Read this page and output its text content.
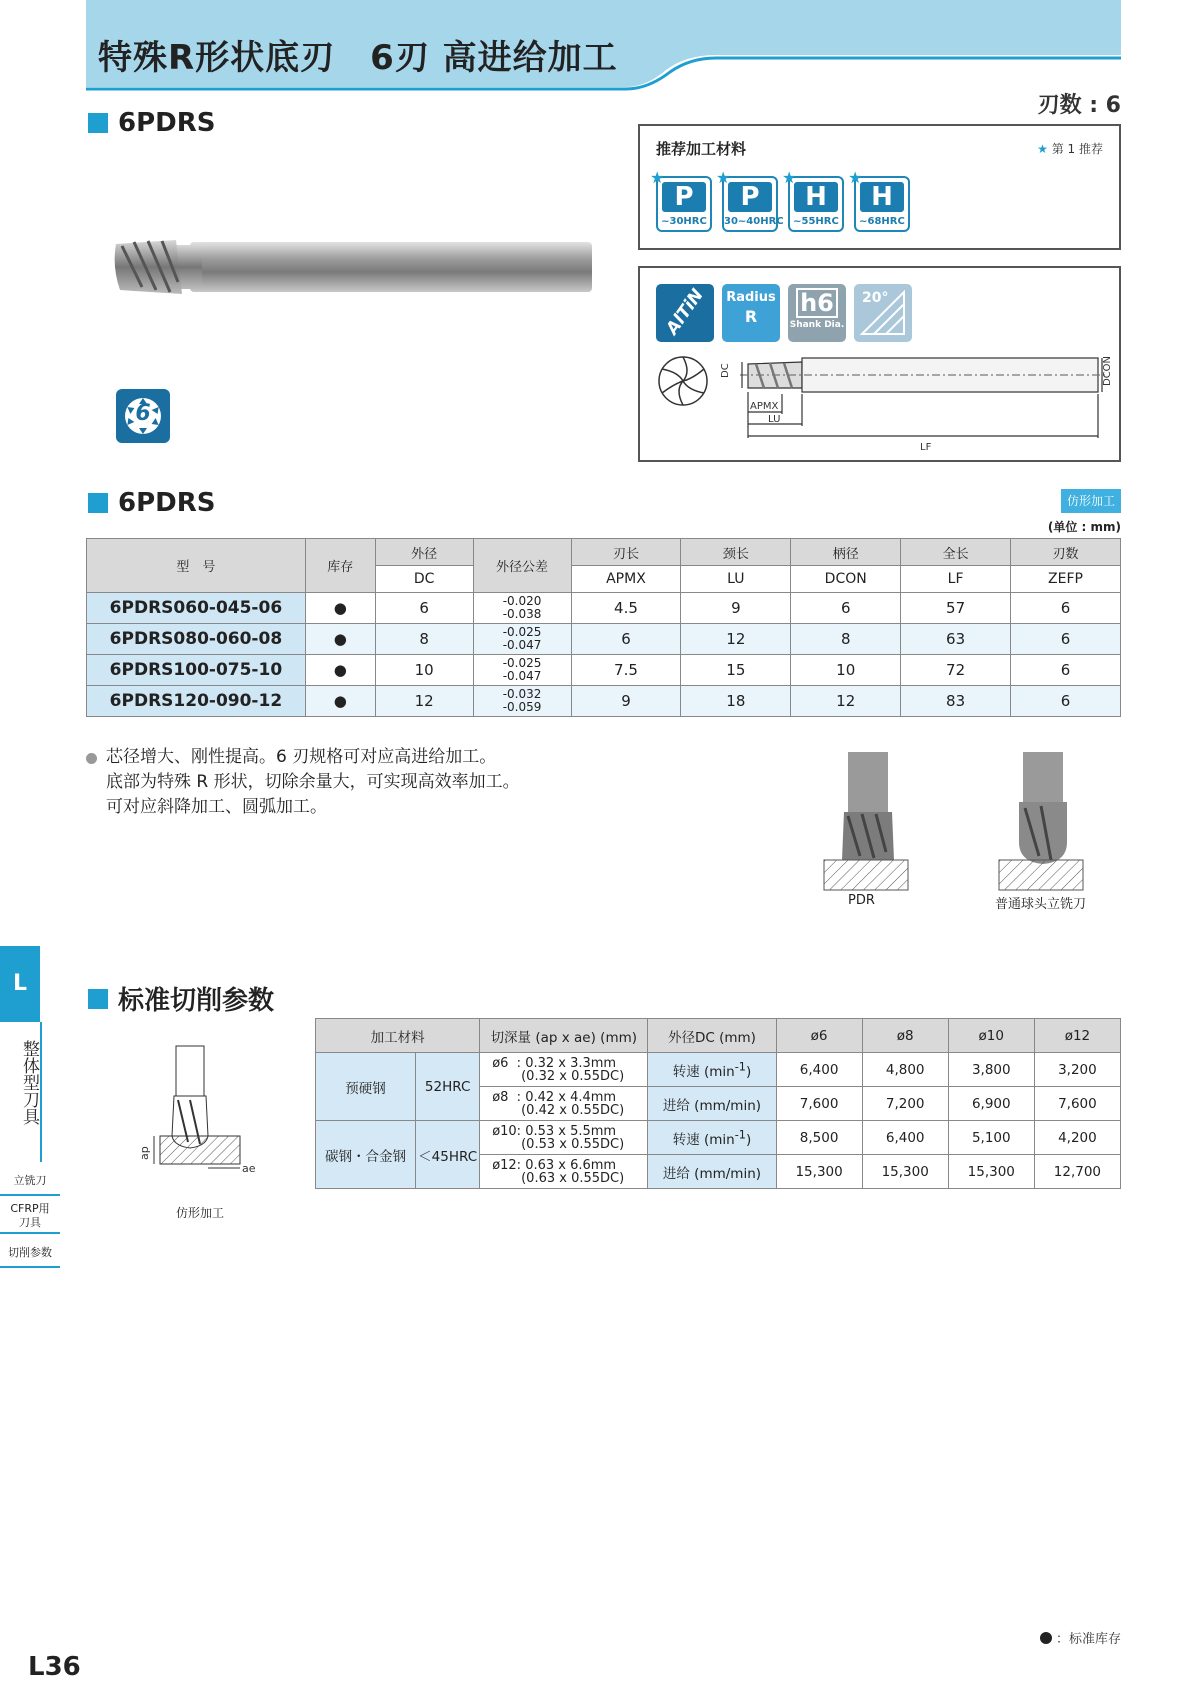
特殊R形状底刃　6刃 高进给加工
刃数 : 6
6PDRS
6
推荐加工材料	★ 第 1 推荐
P
~30HRC
★
P
30~40HRC
★
H
~55HRC
★
H
~68HRC
★
AlTiN	Radius
R	h6
Shank Dia.
20°
DC	DCON
APMX
LU
LF
6PDRS	仿形加工
(单位 : mm)
型　号	库存	外径	外径公差	刃长	颈长	柄径	全长	刃数
		DC		APMX	LU	DCON	LF	ZEFP
6PDRS060-045-06	●	6	-0.020
-0.038	4.5	9	6	57	6
6PDRS080-060-08	●	8	-0.025
-0.047	6	12	8	63	6
6PDRS100-075-10	●	10	-0.025
-0.047	7.5	15	10	72	6
6PDRS120-090-12	●	12	-0.032
-0.059	9	18	12	83	6
芯径增大、刚性提高。6 刃规格可对应高进给加工。
底部为特殊 R 形状，切除余量大，可实现高效率加工。
可对应斜降加工、圆弧加工。
PDR	普通球头立铣刀
标准切削参数
ap
ae
仿形加工
加工材料		切深量 (ap x ae) (mm)	外径DC (mm)	ø6	ø8	ø10	ø12
预硬钢	52HRC	ø6  : 0.32 x 3.3mm
(0.32 x 0.55DC)	转速 $(\min^{-1})$	6,400	4,800	3,800	3,200
		ø8  : 0.42 x 4.4mm
(0.42 x 0.55DC)	进给 (mm/min)	7,600	7,200	6,900	7,600
碳钢・合金钢	＜45HRC	ø10: 0.53 x 5.5mm
(0.53 x 0.55DC)	转速 $(\min^{-1})$	8,500	6,400	5,100	4,200
		ø12: 0.63 x 6.6mm
(0.63 x 0.55DC)	进给 (mm/min)	15,300	15,300	15,300	12,700
L
整体型刀具
立铣刀
CFRP用
刀具
切削参数
L36
：标准库存
